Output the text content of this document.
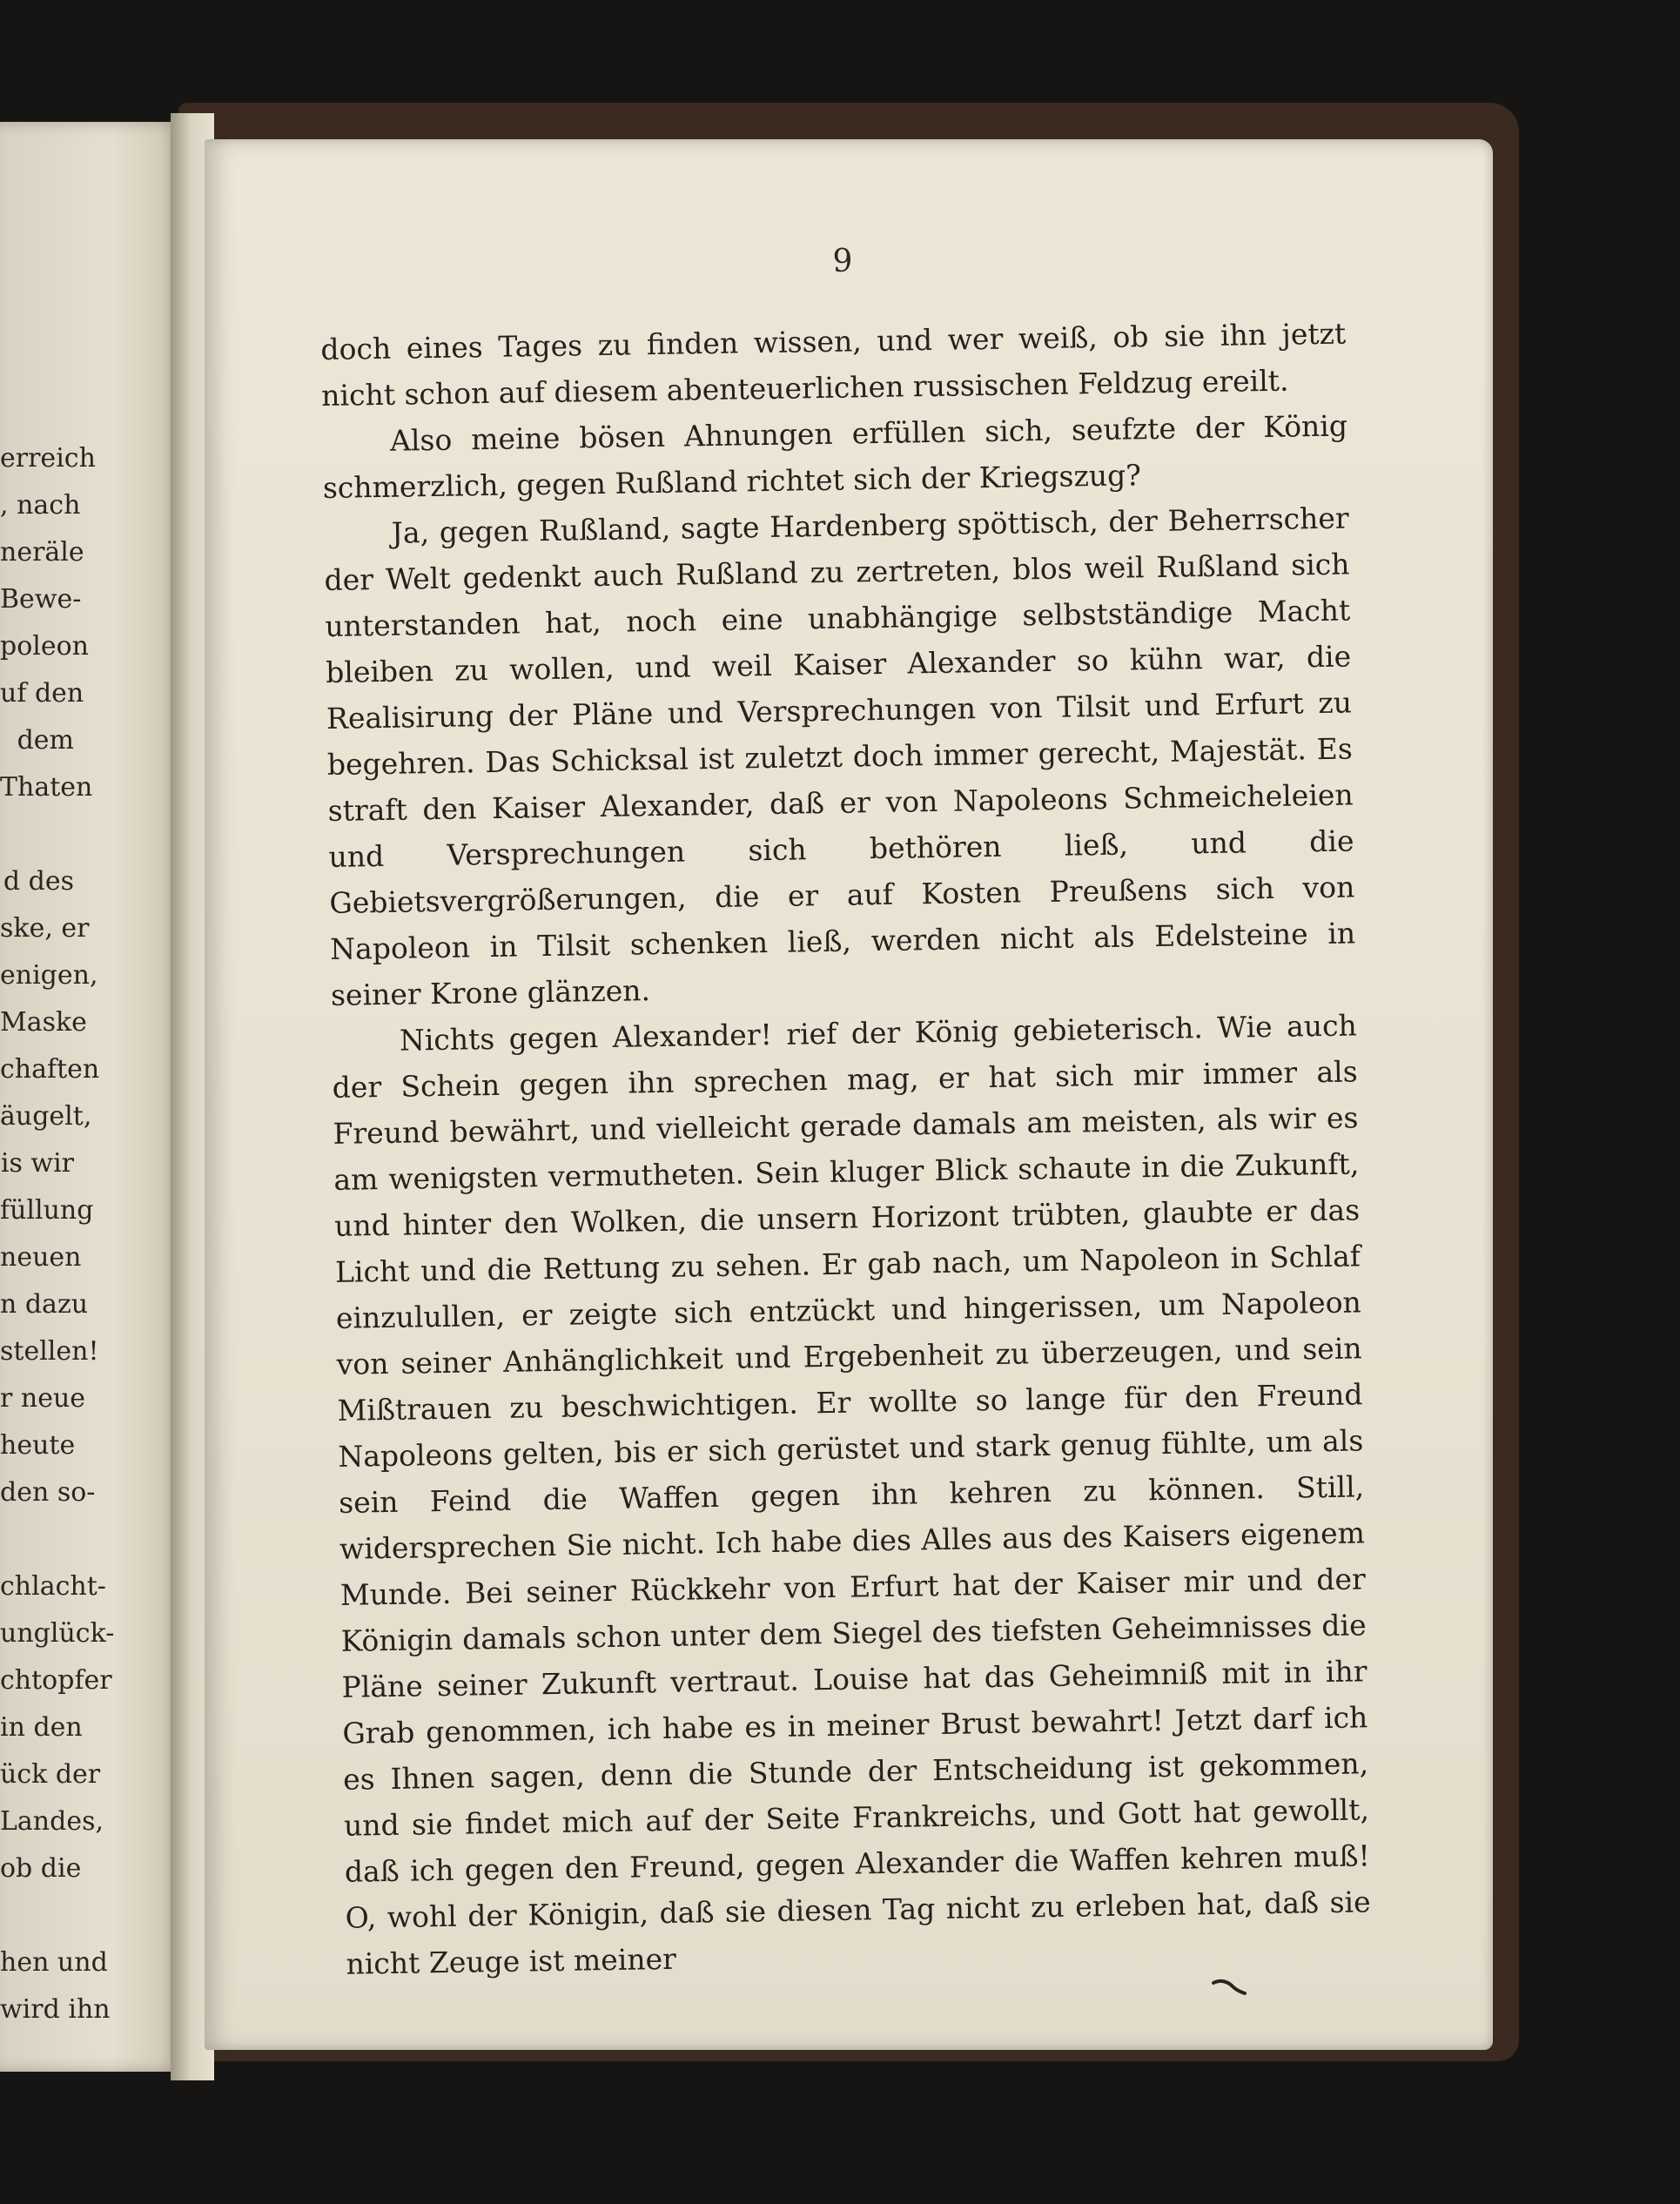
erreich
, nach
neräle
Bewe-
poleon
uf den
dem
Thaten
d des
ske, er
enigen,
Maske
chaften
äugelt,
is wir
füllung
neuen
n dazu
stellen!
r neue
heute
den so-
chlacht-
unglück-
chtopfer
in den
ück der
Landes,
ob die
hen und
wird ihn
9

doch eines Tages zu finden wissen, und wer weiß, ob sie ihn jetzt nicht schon auf diesem abenteuerlichen russischen Feldzug ereilt.

Also meine bösen Ahnungen erfüllen sich, seufzte der König schmerzlich, gegen Rußland richtet sich der Kriegszug?

Ja, gegen Rußland, sagte Hardenberg spöttisch, der Beherrscher der Welt gedenkt auch Rußland zu zertreten, blos weil Rußland sich unterstanden hat, noch eine unabhängige selbstständige Macht bleiben zu wollen, und weil Kaiser Alexander so kühn war, die Realisirung der Pläne und Versprechungen von Tilsit und Erfurt zu begehren. Das Schicksal ist zuletzt doch immer gerecht, Majestät. Es straft den Kaiser Alexander, daß er von Napoleons Schmeicheleien und Versprechungen sich bethören ließ, und die Gebietsvergrößerungen, die er auf Kosten Preußens sich von Napoleon in Tilsit schenken ließ, werden nicht als Edelsteine in seiner Krone glänzen.

Nichts gegen Alexander! rief der König gebieterisch. Wie auch der Schein gegen ihn sprechen mag, er hat sich mir immer als Freund bewährt, und vielleicht gerade damals am meisten, als wir es am wenigsten vermutheten. Sein kluger Blick schaute in die Zukunft, und hinter den Wolken, die unsern Horizont trübten, glaubte er das Licht und die Rettung zu sehen. Er gab nach, um Napoleon in Schlaf einzulullen, er zeigte sich entzückt und hingerissen, um Napoleon von seiner Anhänglichkeit und Ergebenheit zu überzeugen, und sein Mißtrauen zu beschwichtigen. Er wollte so lange für den Freund Napoleons gelten, bis er sich gerüstet und stark genug fühlte, um als sein Feind die Waffen gegen ihn kehren zu können. Still, widersprechen Sie nicht. Ich habe dies Alles aus des Kaisers eigenem Munde. Bei seiner Rückkehr von Erfurt hat der Kaiser mir und der Königin damals schon unter dem Siegel des tiefsten Geheimnisses die Pläne seiner Zukunft vertraut. Louise hat das Geheimniß mit in ihr Grab genommen, ich habe es in meiner Brust bewahrt! Jetzt darf ich es Ihnen sagen, denn die Stunde der Entscheidung ist gekommen, und sie findet mich auf der Seite Frankreichs, und Gott hat gewollt, daß ich gegen den Freund, gegen Alexander die Waffen kehren muß! O, wohl der Königin, daß sie diesen Tag nicht zu erleben hat, daß sie nicht Zeuge ist meiner
